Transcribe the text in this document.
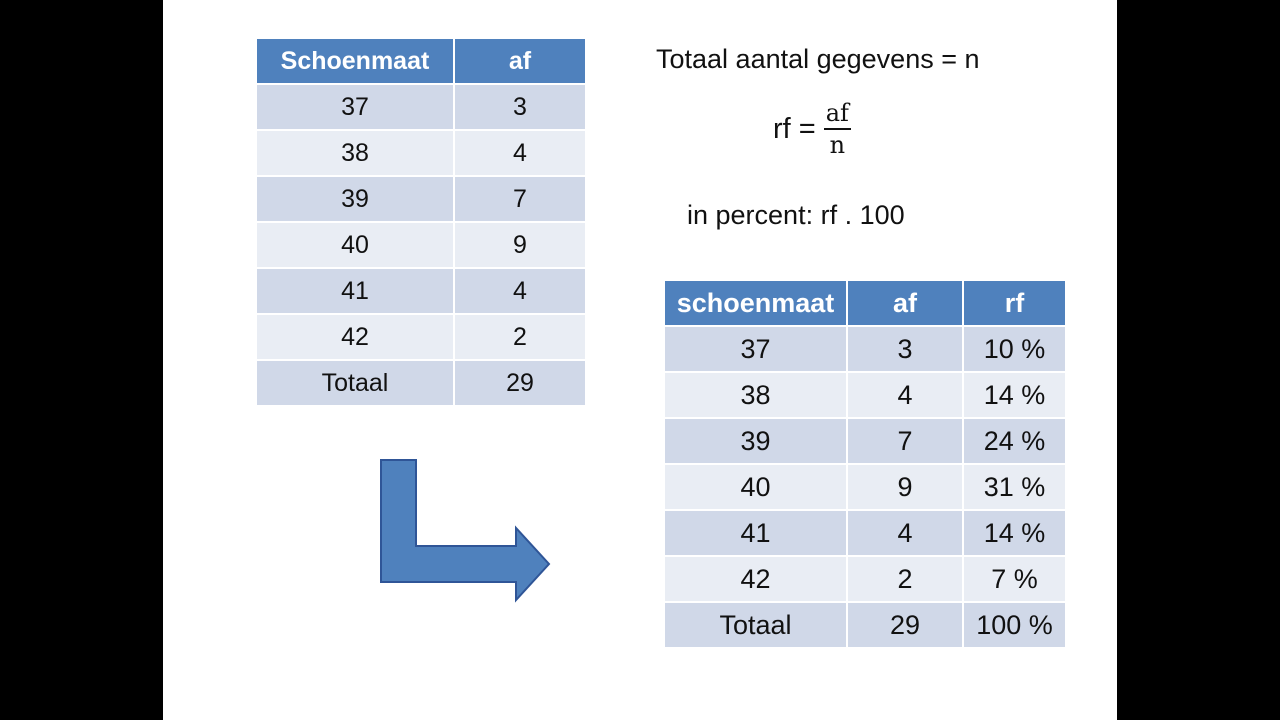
Schoenmaat	af
37	3
38	4
39	7
40	9
41	4
42	2
Totaal	29
Totaal aantal gegevens = n
rf = $\frac{af}{n}$
in percent: rf . 100
schoenmaat	af	rf
37	3	10 %
38	4	14 %
39	7	24 %
40	9	31 %
41	4	14 %
42	2	7 %
Totaal	29	100 %
